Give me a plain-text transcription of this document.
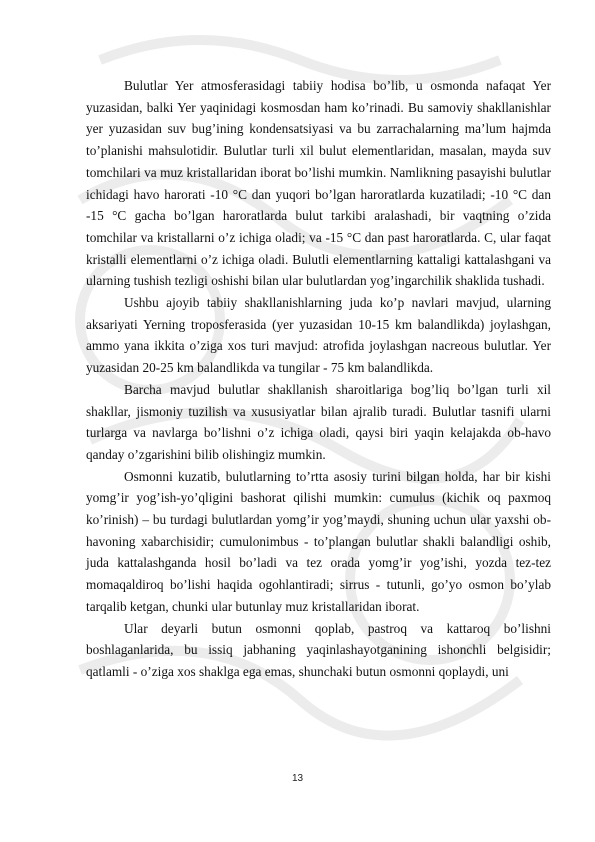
Bulutlar Yer atmosferasidagi tabiiy hodisa bo’lib, u osmonda nafaqat Yer yuzasidan, balki Yer yaqinidagi kosmosdan ham ko’rinadi. Bu samoviy shakllanishlar yer yuzasidan suv bug’ining kondensatsiyasi va bu zarrachalarning ma’lum hajmda to’planishi mahsulotidir. Bulutlar turli xil bulut elementlaridan, masalan, mayda suv tomchilari va muz kristallaridan iborat bo’lishi mumkin. Namlikning pasayishi bulutlar ichidagi havo harorati -10 °C dan yuqori bo’lgan haroratlarda kuzatiladi; -10 °C dan -15 °C gacha bo’lgan haroratlarda bulut tarkibi aralashadi, bir vaqtning o’zida tomchilar va kristallarni o’z ichiga oladi; va -15 °C dan past haroratlarda. C, ular faqat kristalli elementlarni o’z ichiga oladi. Bulutli elementlarning kattaligi kattalashgani va ularning tushish tezligi oshishi bilan ular bulutlardan yog’ingarchilik shaklida tushadi.

Ushbu ajoyib tabiiy shakllanishlarning juda ko’p navlari mavjud, ularning aksariyati Yerning troposferasida (yer yuzasidan 10-15 km balandlikda) joylashgan, ammo yana ikkita o’ziga xos turi mavjud: atrofida joylashgan nacreous bulutlar. Yer yuzasidan 20-25 km balandlikda va tungilar - 75 km balandlikda.

Barcha mavjud bulutlar shakllanish sharoitlariga bog’liq bo’lgan turli xil shakllar, jismoniy tuzilish va xususiyatlar bilan ajralib turadi. Bulutlar tasnifi ularni turlarga va navlarga bo’lishni o’z ichiga oladi, qaysi biri yaqin kelajakda ob-havo qanday o’zgarishini bilib olishingiz mumkin.

Osmonni kuzatib, bulutlarning to’rtta asosiy turini bilgan holda, har bir kishi yomg’ir yog’ish-yo’qligini bashorat qilishi mumkin: cumulus (kichik oq paxmoq ko’rinish) – bu turdagi bulutlardan yomg’ir yog’maydi, shuning uchun ular yaxshi ob-havoning xabarchisidir; cumulonimbus - to’plangan bulutlar shakli balandligi oshib, juda kattalashganda hosil bo’ladi va tez orada yomg’ir yog’ishi, yozda tez-tez momaqaldiroq bo’lishi haqida ogohlantiradi; sirrus - tutunli, go’yo osmon bo’ylab tarqalib ketgan, chunki ular butunlay muz kristallaridan iborat.

Ular deyarli butun osmonni qoplab, pastroq va kattaroq bo’lishni boshlaganlarida, bu issiq jabhaning yaqinlashayotganining ishonchli belgisidir; qatlamli - o’ziga xos shaklga ega emas, shunchaki butun osmonni qoplaydi, uni

13
